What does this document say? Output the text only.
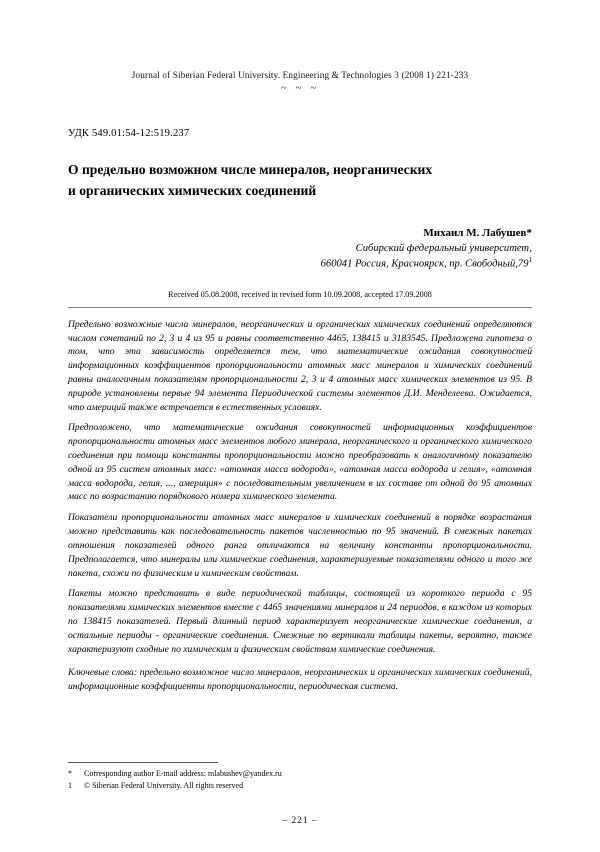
Journal of Siberian Federal University. Engineering & Technologies 3 (2008 1) 221-233
~ ~ ~
УДК 549.01:54-12:519.237
О предельно возможном числе минералов, неорганических
и органических химических соединений
Михаил М. Лабушев*
Сибирский федеральный университет,
660041 Россия, Красноярск, пр. $Свободный,79^1$
Received 05.08.2008, received in revised form 10.09.2008, accepted 17.09.2008

Предельно возможные числа минералов, неорганических и органических химических соединений определяются числом сочетаний по 2, 3 и 4 из 95 и равны соответственно 4465, 138415 и 3183545. Предложена гипотеза о том, что эта зависимость определяется тем, что математические ожидания совокупностей информационных коэффициентов пропорциональности атомных масс минералов и химических соединений равны аналогичным показателям пропорциональности 2, 3 и 4 атомных масс химических элементов из 95. В природе установлены первые 94 элемента Периодической системы элементов Д.И. Менделеева. Ожидается, что америций также встречается в естественных условиях.

Предположено, что математические ожидания совокупностей информационных коэффициентов пропорциональности атомных масс элементов любого минерала, неорганического и органического химического соединения при помощи константы пропорциональности можно преобразовать к аналогичному показателю одной из 95 систем атомных масс: «атомная масса водорода», «атомная масса водорода и гелия», «атомная масса водорода, гелия, ..., америция» с последовательным увеличением в их составе от одной до 95 атомных масс по возрастанию порядкового номера химического элемента.

Показатели пропорциональности атомных масс минералов и химических соединений в порядке возрастания можно представить как последовательность пакетов численностью по 95 значений. В смежных пакетах отношения показателей одного ранга отличаются на величину константы пропорциональности. Предполагается, что минералы или химические соединения, характеризуемые показателями одного и того же пакета, схожи по физическим и химическим свойствам.

Пакеты можно представить в виде периодической таблицы, состоящей из короткого периода с 95 показателями химических элементов вместе с 4465 значениями минералов и 24 периодов, в каждом из которых по 138415 показателей. Первый длинный период характеризует неорганические химические соединения, а остальные периоды - органические соединения. Смежные по вертикали таблицы пакеты, вероятно, также характеризуют сходные по химическим и физическим свойствам химические соединения.

Ключевые слова: предельно возможное число минералов, неорганических и органических химических соединений, информационные коэффициенты пропорциональности, периодическая система.

*	Corresponding author E-mail address: mlabushev@yandex.ru
1	© Siberian Federal University. All rights reserved
– 221 –
